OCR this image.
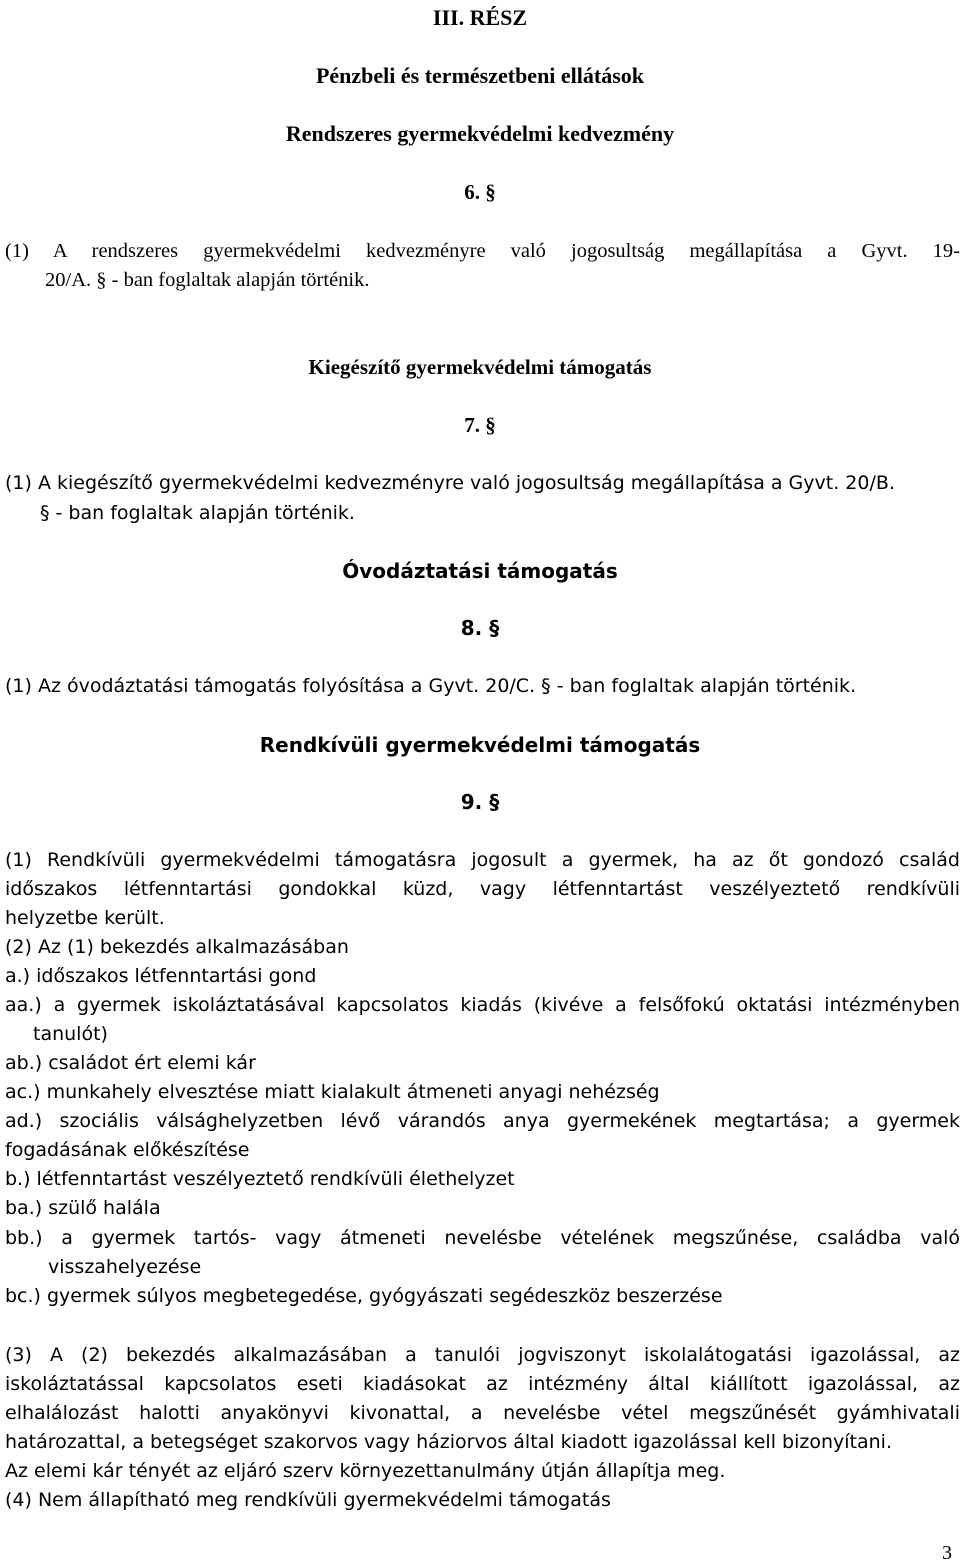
III. RÉSZ
Pénzbeli és természetbeni ellátások
Rendszeres gyermekvédelmi kedvezmény
6. §
(1) A rendszeres gyermekvédelmi kedvezményre való jogosultság megállapítása a Gyvt. 19-
20/A. § - ban foglaltak alapján történik.
Kiegészítő gyermekvédelmi támogatás
7. §
(1) A kiegészítő gyermekvédelmi kedvezményre való jogosultság megállapítása a Gyvt. 20/B.
§ - ban foglaltak alapján történik.
Óvodáztatási támogatás
8. §
(1) Az óvodáztatási támogatás folyósítása a Gyvt. 20/C. § - ban foglaltak alapján történik.
Rendkívüli gyermekvédelmi támogatás
9. §
(1) Rendkívüli gyermekvédelmi támogatásra jogosult a gyermek, ha az őt gondozó család
időszakos létfenntartási gondokkal küzd, vagy létfenntartást veszélyeztető rendkívüli
helyzetbe került.
(2) Az (1) bekezdés alkalmazásában
a.) időszakos létfenntartási gond
aa.) a gyermek iskoláztatásával kapcsolatos kiadás (kivéve a felsőfokú oktatási intézményben
tanulót)
ab.) családot ért elemi kár
ac.) munkahely elvesztése miatt kialakult átmeneti anyagi nehézség
ad.) szociális válsághelyzetben lévő várandós anya gyermekének megtartása; a gyermek
fogadásának előkészítése
b.) létfenntartást veszélyeztető rendkívüli élethelyzet
ba.) szülő halála
bb.) a gyermek tartós- vagy átmeneti nevelésbe vételének megszűnése, családba való
visszahelyezése
bc.) gyermek súlyos megbetegedése, gyógyászati segédeszköz beszerzése
(3) A (2) bekezdés alkalmazásában a tanulói jogviszonyt iskolalátogatási igazolással, az
iskoláztatással kapcsolatos eseti kiadásokat az intézmény által kiállított igazolással, az
elhalálozást halotti anyakönyvi kivonattal, a nevelésbe vétel megszűnését gyámhivatali
határozattal, a betegséget szakorvos vagy háziorvos által kiadott igazolással kell bizonyítani.
Az elemi kár tényét az eljáró szerv környezettanulmány útján állapítja meg.
(4) Nem állapítható meg rendkívüli gyermekvédelmi támogatás
3
